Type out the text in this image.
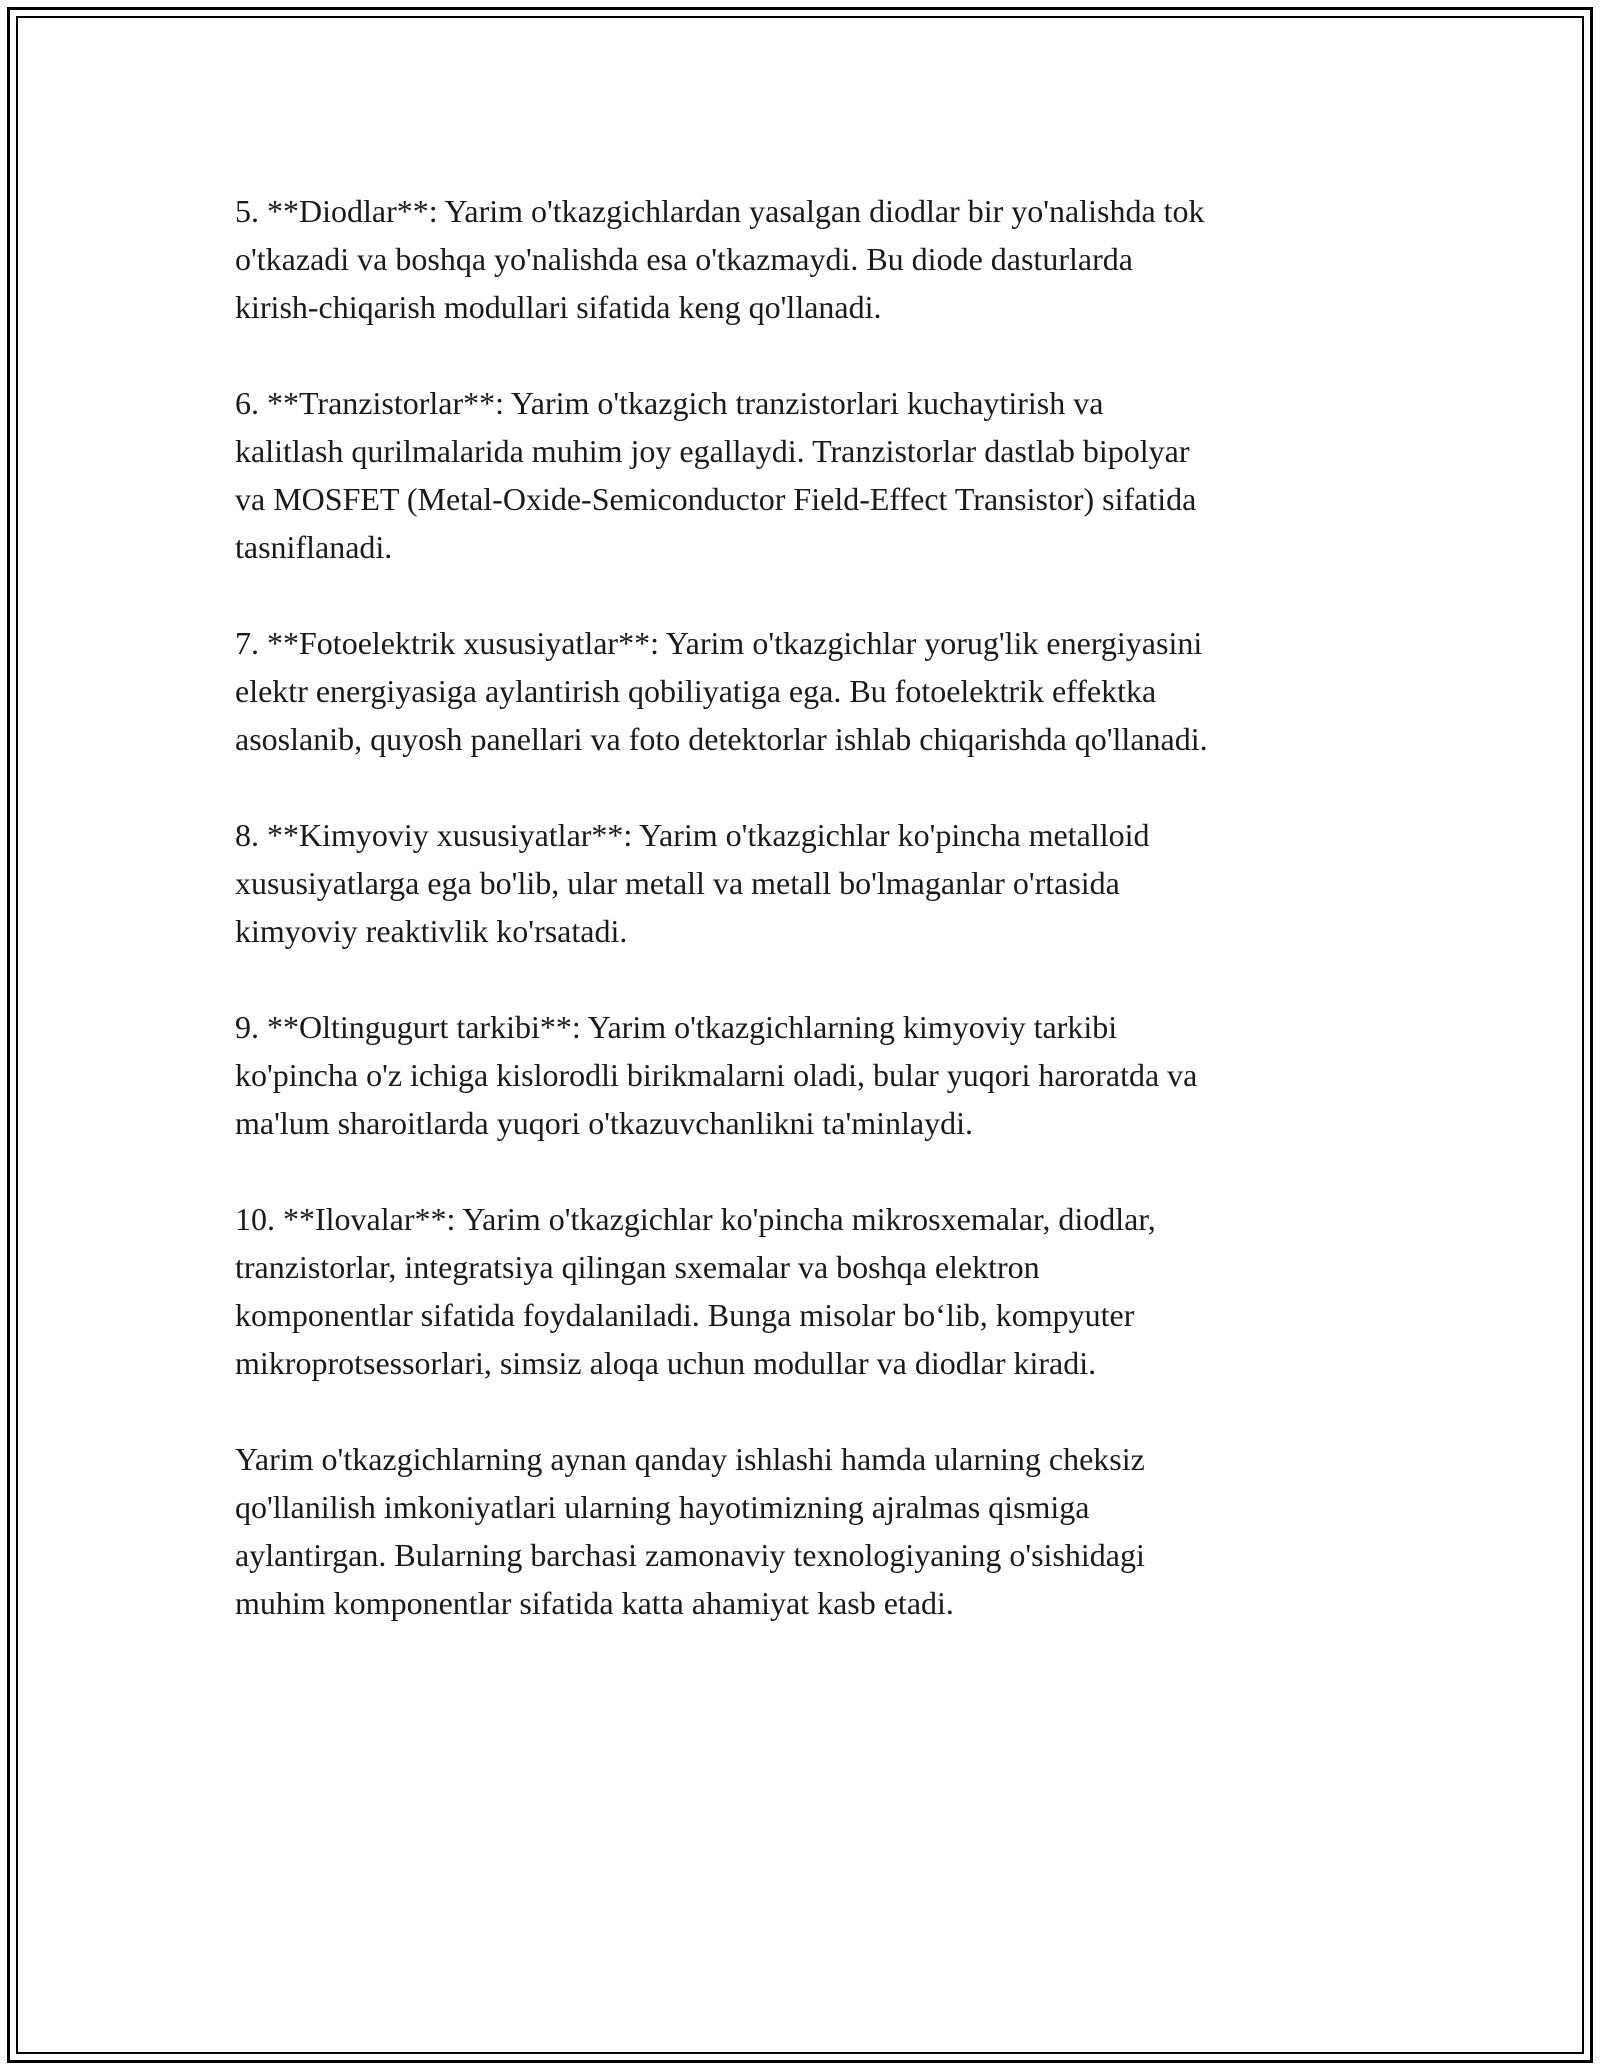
5. **Diodlar**: Yarim o'tkazgichlardan yasalgan diodlar bir yo'nalishda tok
o'tkazadi va boshqa yo'nalishda esa o'tkazmaydi. Bu diode dasturlarda
kirish-chiqarish modullari sifatida keng qo'llanadi.

6. **Tranzistorlar**: Yarim o'tkazgich tranzistorlari kuchaytirish va
kalitlash qurilmalarida muhim joy egallaydi. Tranzistorlar dastlab bipolyar
va MOSFET (Metal-Oxide-Semiconductor Field-Effect Transistor) sifatida
tasniflanadi.

7. **Fotoelektrik xususiyatlar**: Yarim o'tkazgichlar yorug'lik energiyasini
elektr energiyasiga aylantirish qobiliyatiga ega. Bu fotoelektrik effektka
asoslanib, quyosh panellari va foto detektorlar ishlab chiqarishda qo'llanadi.

8. **Kimyoviy xususiyatlar**: Yarim o'tkazgichlar ko'pincha metalloid
xususiyatlarga ega bo'lib, ular metall va metall bo'lmaganlar o'rtasida
kimyoviy reaktivlik ko'rsatadi.

9. **Oltingugurt tarkibi**: Yarim o'tkazgichlarning kimyoviy tarkibi
ko'pincha o'z ichiga kislorodli birikmalarni oladi, bular yuqori haroratda va
ma'lum sharoitlarda yuqori o'tkazuvchanlikni ta'minlaydi.

10. **Ilovalar**: Yarim o'tkazgichlar ko'pincha mikrosxemalar, diodlar,
tranzistorlar, integratsiya qilingan sxemalar va boshqa elektron
komponentlar sifatida foydalaniladi. Bunga misolar bo‘lib, kompyuter
mikroprotsessorlari, simsiz aloqa uchun modullar va diodlar kiradi.

Yarim o'tkazgichlarning aynan qanday ishlashi hamda ularning cheksiz
qo'llanilish imkoniyatlari ularning hayotimizning ajralmas qismiga
aylantirgan. Bularning barchasi zamonaviy texnologiyaning o'sishidagi
muhim komponentlar sifatida katta ahamiyat kasb etadi.
